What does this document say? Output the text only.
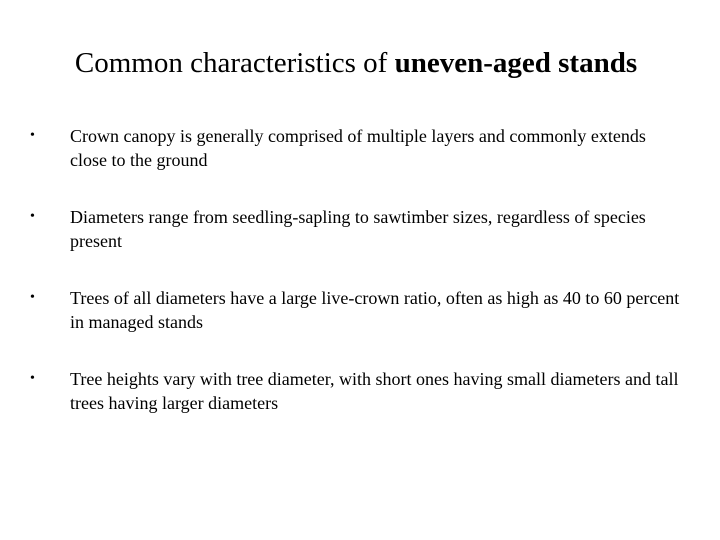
Common characteristics of uneven-aged stands
•	Crown canopy is generally comprised of multiple layers and commonly extends close to the ground
•	Diameters range from seedling-sapling to sawtimber sizes, regardless of species present
•	Trees of all diameters have a large live-crown ratio, often as high as 40 to 60 percent in managed stands
•	Tree heights vary with tree diameter, with short ones having small diameters and tall trees having larger diameters
